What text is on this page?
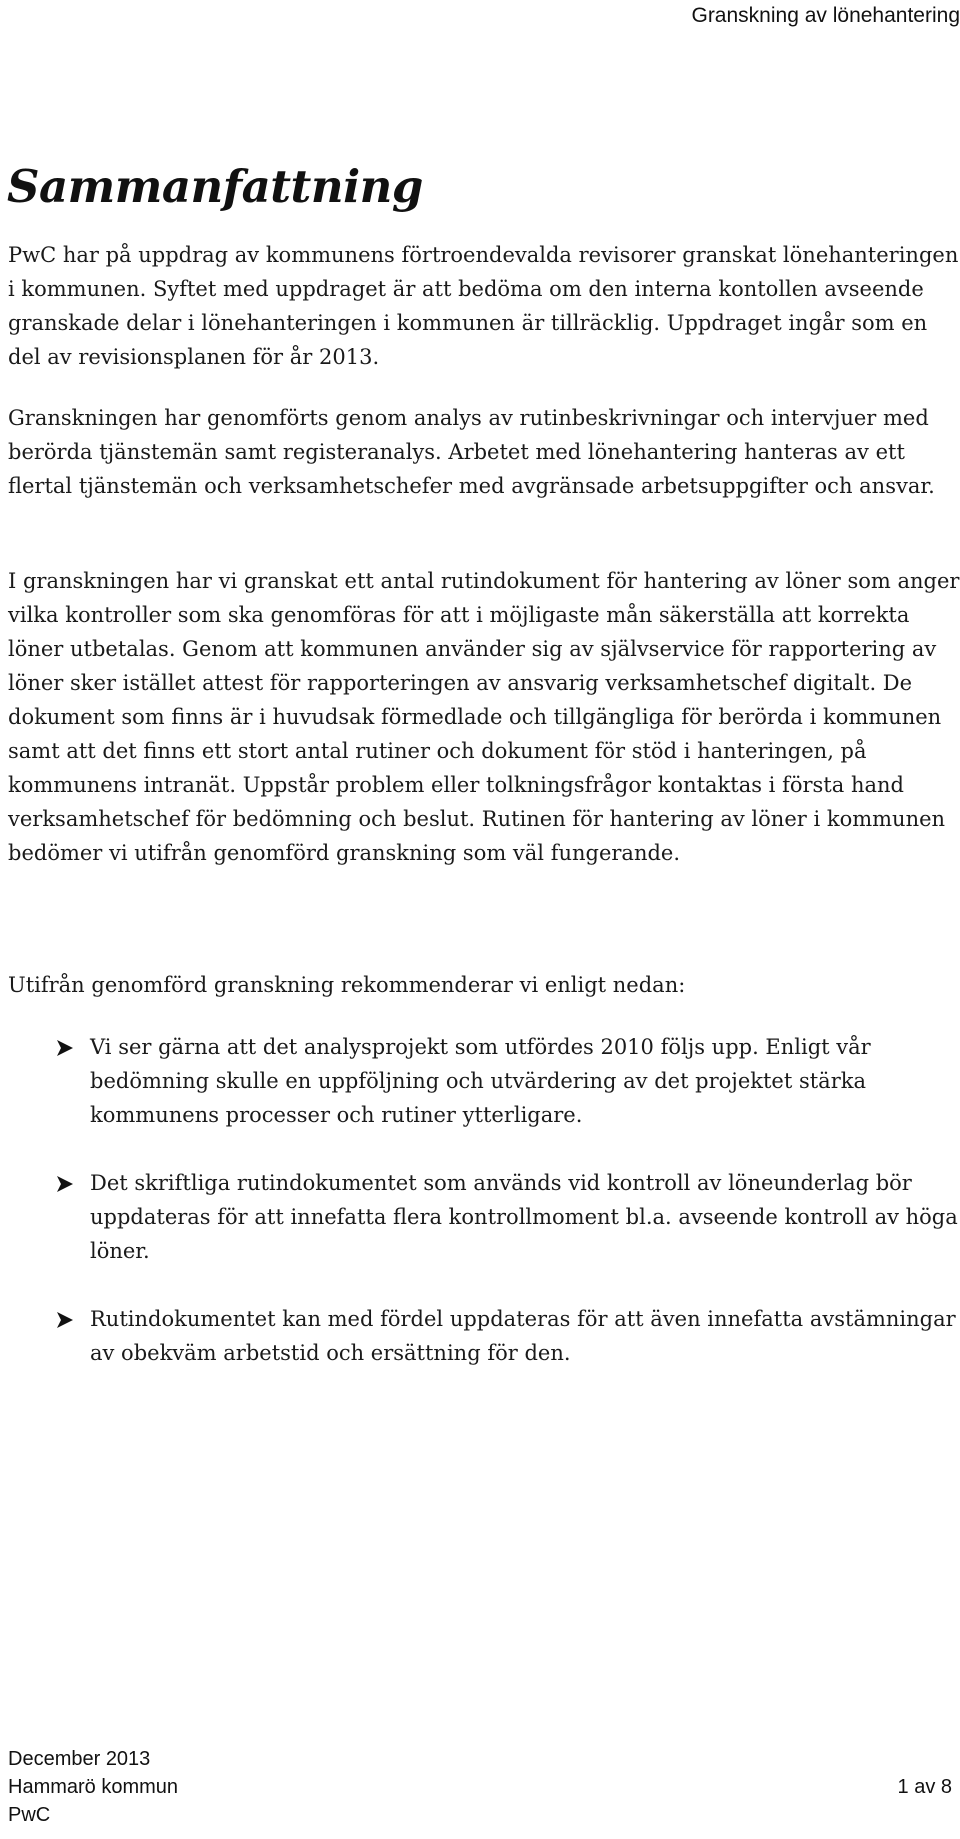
Granskning av lönehantering
Sammanfattning

PwC har på uppdrag av kommunens förtroendevalda revisorer granskat lönehanteringen i kommunen. Syftet med uppdraget är att bedöma om den interna kontollen avseende granskade delar i lönehanteringen i kommunen är tillräcklig. Uppdraget ingår som en del av revisionsplanen för år 2013.

Granskningen har genomförts genom analys av rutinbeskrivningar och intervjuer med berörda tjänstemän samt registeranalys. Arbetet med lönehantering hanteras av ett flertal tjänstemän och verksamhetschefer med avgränsade arbetsuppgifter och ansvar.

I granskningen har vi granskat ett antal rutindokument för hantering av löner som anger vilka kontroller som ska genomföras för att i möjligaste mån säkerställa att korrekta löner utbetalas. Genom att kommunen använder sig av självservice för rapportering av löner sker istället attest för rapporteringen av ansvarig verksamhetschef digitalt. De dokument som finns är i huvudsak förmedlade och tillgängliga för berörda i kommunen samt att det finns ett stort antal rutiner och dokument för stöd i hanteringen, på kommunens intranät. Uppstår problem eller tolkningsfrågor kontaktas i första hand verksamhetschef för bedömning och beslut. Rutinen för hantering av löner i kommunen bedömer vi utifrån genomförd granskning som väl fungerande.

Utifrån genomförd granskning rekommenderar vi enligt nedan:

Vi ser gärna att det analysprojekt som utfördes 2010 följs upp. Enligt vår bedömning skulle en uppföljning och utvärdering av det projektet stärka kommunens processer och rutiner ytterligare.
Det skriftliga rutindokumentet som används vid kontroll av löneunderlag bör uppdateras för att innefatta flera kontrollmoment bl.a. avseende kontroll av höga löner.
Rutindokumentet kan med fördel uppdateras för att även innefatta avstämningar av obekväm arbetstid och ersättning för den.
December 2013
Hammarö kommun	1 av 8
PwC
